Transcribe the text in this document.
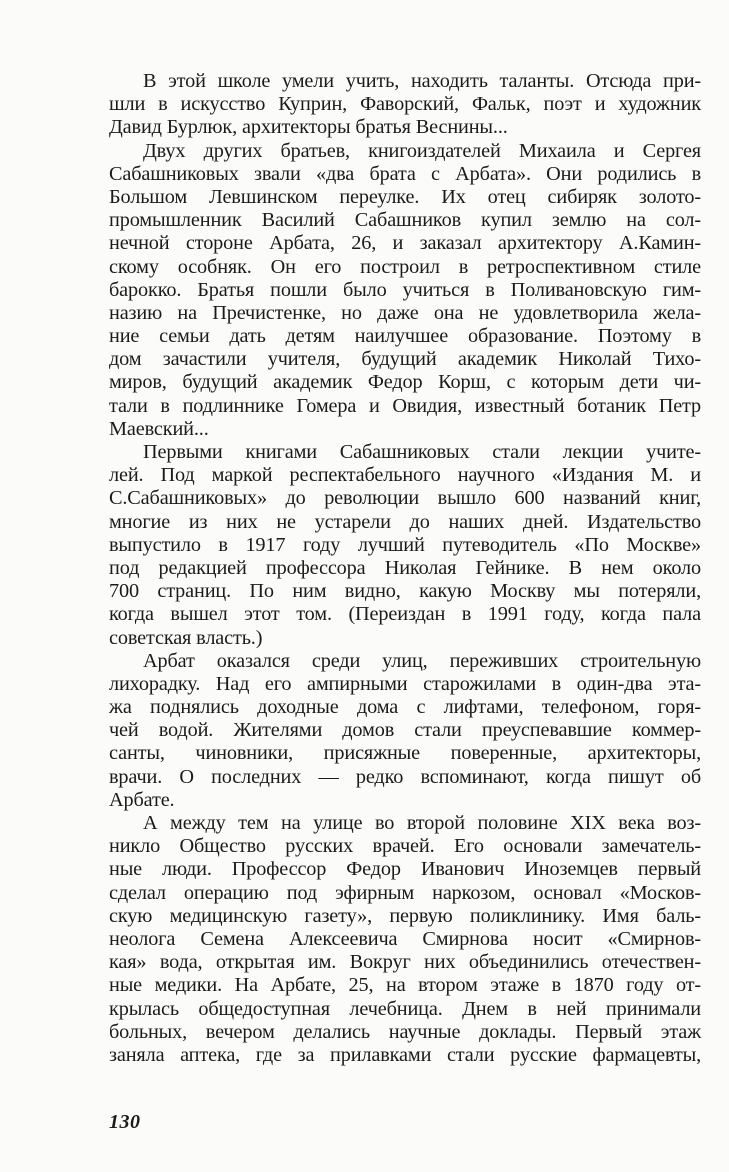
В этой школе умели учить, находить таланты. Отсюда при-
шли в искусство Куприн, Фаворский, Фальк, поэт и художник
Давид Бурлюк, архитекторы братья Веснины...
Двух других братьев, книгоиздателей Михаила и Сергея
Сабашниковых звали «два брата с Арбата». Они родились в
Большом Левшинском переулке. Их отец сибиряк золото-
промышленник Василий Сабашников купил землю на сол-
нечной стороне Арбата, 26, и заказал архитектору А.Камин-
скому особняк. Он его построил в ретроспективном стиле
барокко. Братья пошли было учиться в Поливановскую гим-
назию на Пречистенке, но даже она не удовлетворила жела-
ние семьи дать детям наилучшее образование. Поэтому в
дом зачастили учителя, будущий академик Николай Тихо-
миров, будущий академик Федор Корш, с которым дети чи-
тали в подлиннике Гомера и Овидия, известный ботаник Петр
Маевский...
Первыми книгами Сабашниковых стали лекции учите-
лей. Под маркой респектабельного научного «Издания М. и
С.Сабашниковых» до революции вышло 600 названий книг,
многие из них не устарели до наших дней. Издательство
выпустило в 1917 году лучший путеводитель «По Москве»
под редакцией профессора Николая Гейнике. В нем около
700 страниц. По ним видно, какую Москву мы потеряли,
когда вышел этот том. (Переиздан в 1991 году, когда пала
советская власть.)
Арбат оказался среди улиц, переживших строительную
лихорадку. Над его ампирными старожилами в один-два эта-
жа поднялись доходные дома с лифтами, телефоном, горя-
чей водой. Жителями домов стали преуспевавшие коммер-
санты, чиновники, присяжные поверенные, архитекторы,
врачи. О последних — редко вспоминают, когда пишут об
Арбате.
А между тем на улице во второй половине XIX века воз-
никло Общество русских врачей. Его основали замечатель-
ные люди. Профессор Федор Иванович Иноземцев первый
сделал операцию под эфирным наркозом, основал «Москов-
скую медицинскую газету», первую поликлинику. Имя баль-
неолога Семена Алексеевича Смирнова носит «Смирнов-
кая» вода, открытая им. Вокруг них объединились отечествен-
ные медики. На Арбате, 25, на втором этаже в 1870 году от-
крылась общедоступная лечебница. Днем в ней принимали
больных, вечером делались научные доклады. Первый этаж
заняла аптека, где за прилавками стали русские фармацевты,
130
